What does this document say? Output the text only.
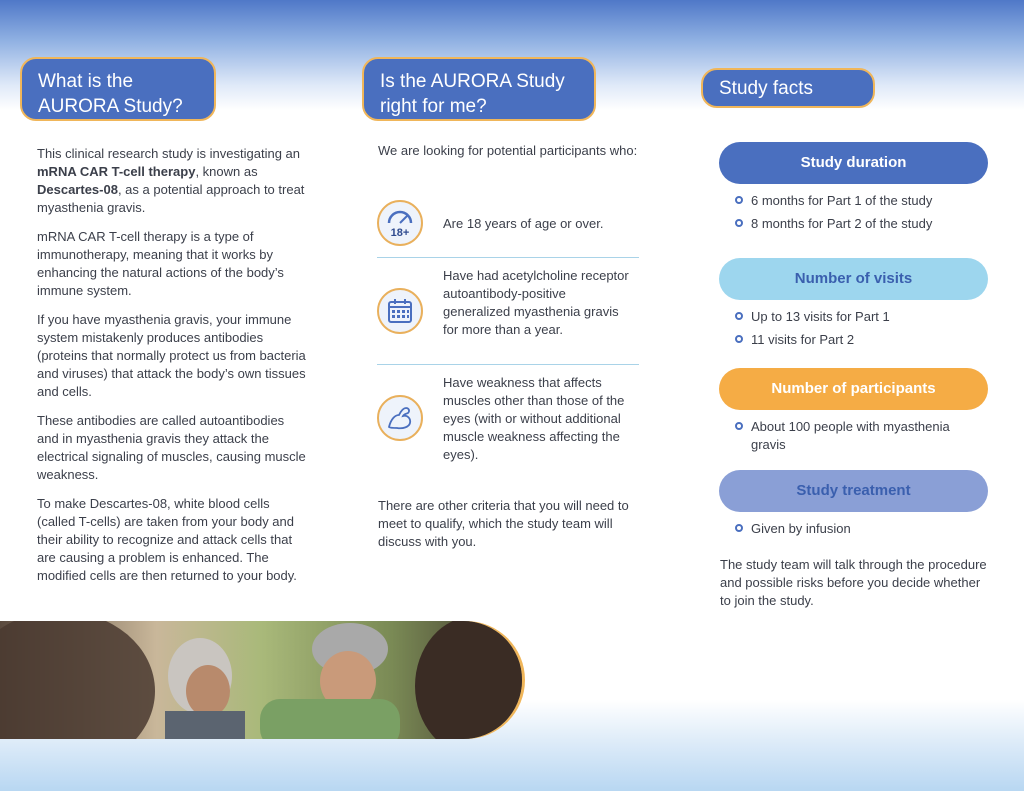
What is the
AURORA Study?

This clinical research study is investigating an mRNA CAR T-cell therapy, known as Descartes-08, as a potential approach to treat myasthenia gravis.

mRNA CAR T-cell therapy is a type of immunotherapy, meaning that it works by enhancing the natural actions of the body’s immune system.

If you have myasthenia gravis, your immune system mistakenly produces antibodies (proteins that normally protect us from bacteria and viruses) that attack the body’s own tissues and cells.

These antibodies are called autoantibodies and in myasthenia gravis they attack the electrical signaling of muscles, causing muscle weakness.

To make Descartes-08, white blood cells (called T-cells) are taken from your body and their ability to recognize and attack cells that are causing a problem is enhanced. The modified cells are then returned to your body.

Is the AURORA Study
right for me?
We are looking for potential participants who:
18+
Are 18 years of age or over.
Have had acetylcholine receptor autoantibody-positive generalized myasthenia gravis for more than a year.
Have weakness that affects muscles other than those of the eyes (with or without additional muscle weakness affecting the eyes).
There are other criteria that you will need to meet to qualify, which the study team will discuss with you.
Study facts
Study duration
6 months for Part 1 of the study
8 months for Part 2 of the study
Number of visits
Up to 13 visits for Part 1
11 visits for Part 2
Number of participants
About 100 people with myasthenia gravis
Study treatment
Given by infusion
The study team will talk through the procedure and possible risks before you decide whether to join the study.
